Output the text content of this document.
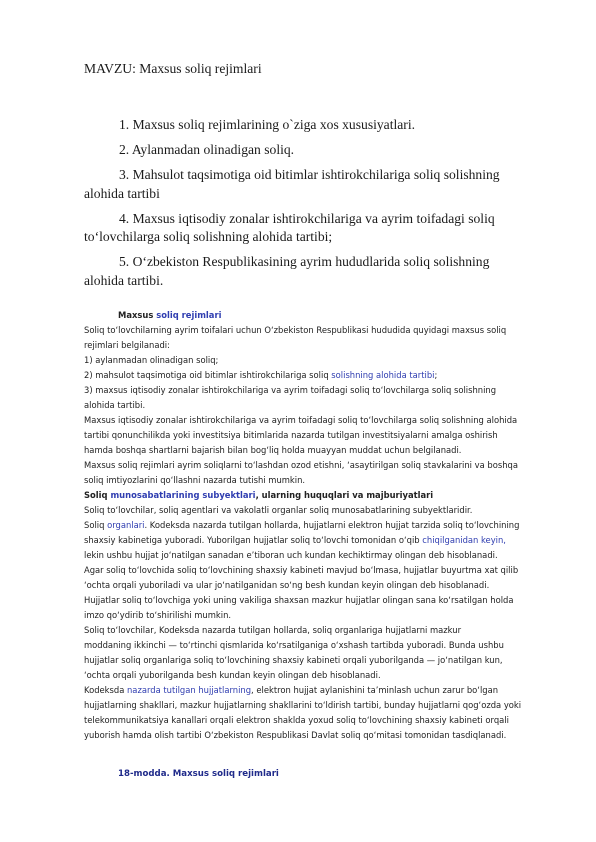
MAVZU: Maxsus soliq rejimlari

1. Maxsus soliq rejimlarining o`ziga xos xususiyatlari.

2. Aylanmadan olinadigan soliq.

3. Mahsulot taqsimotiga oid bitimlar ishtirokchilariga soliq solishning alohida tartibi

4. Maxsus iqtisodiy zonalar ishtirokchilariga va ayrim toifadagi soliq to‘lovchilarga soliq solishning alohida tartibi;

5. O‘zbekiston Respublikasining ayrim hududlarida soliq solishning alohida tartibi.

Maxsus soliq rejimlari
Soliq to‘lovchilarning ayrim toifalari uchun O‘zbekiston Respublikasi hududida quyidagi maxsus soliq
rejimlari belgilanadi:
1) aylanmadan olinadigan soliq;
2) mahsulot taqsimotiga oid bitimlar ishtirokchilariga soliq solishning alohida tartibi;
3) maxsus iqtisodiy zonalar ishtirokchilariga va ayrim toifadagi soliq to‘lovchilarga soliq solishning
alohida tartibi.
Maxsus iqtisodiy zonalar ishtirokchilariga va ayrim toifadagi soliq to‘lovchilarga soliq solishning alohida
tartibi qonunchilikda yoki investitsiya bitimlarida nazarda tutilgan investitsiyalarni amalga oshirish
hamda boshqa shartlarni bajarish bilan bog‘liq holda muayyan muddat uchun belgilanadi.
Maxsus soliq rejimlari ayrim soliqlarni to‘lashdan ozod etishni, ‘asaytirilgan soliq stavkalarini va boshqa
soliq imtiyozlarini qo‘llashni nazarda tutishi mumkin.
Soliq munosabatlarining subyektlari, ularning huquqlari va majburiyatlari
Soliq to‘lovchilar, soliq agentlari va vakolatli organlar soliq munosabatlarining subyektlaridir.
Soliq organlari. Kodeksda nazarda tutilgan hollarda, hujjatlarni elektron hujjat tarzida soliq to‘lovchining
shaxsiy kabinetiga yuboradi. Yuborilgan hujjatlar soliq to‘lovchi tomonidan o‘qib chiqilganidan keyin,
lekin ushbu hujjat jo‘natilgan sanadan e’tiboran uch kundan kechiktirmay olingan deb hisoblanadi.
Agar soliq to‘lovchida soliq to‘lovchining shaxsiy kabineti mavjud bo‘lmasa, hujjatlar buyurtma xat qilib
‘ochta orqali yuboriladi va ular jo‘natilganidan so‘ng besh kundan keyin olingan deb hisoblanadi.
Hujjatlar soliq to‘lovchiga yoki uning vakiliga shaxsan mazkur hujjatlar olingan sana ko‘rsatilgan holda
imzo qo‘ydirib to‘shirilishi mumkin.
Soliq to‘lovchilar, Kodeksda nazarda tutilgan hollarda, soliq organlariga hujjatlarni mazkur
moddaning ikkinchi — to‘rtinchi qismlarida ko‘rsatilganiga o‘xshash tartibda yuboradi. Bunda ushbu
hujjatlar soliq organlariga soliq to‘lovchining shaxsiy kabineti orqali yuborilganda — jo‘natilgan kun,
‘ochta orqali yuborilganda besh kundan keyin olingan deb hisoblanadi.
Kodeksda nazarda tutilgan hujjatlarning, elektron hujjat aylanishini ta’minlash uchun zarur bo‘lgan
hujjatlarning shakllari, mazkur hujjatlarning shakllarini to‘ldirish tartibi, bunday hujjatlarni qog‘ozda yoki
telekommunikatsiya kanallari orqali elektron shaklda yoxud soliq to‘lovchining shaxsiy kabineti orqali
yuborish hamda olish tartibi O‘zbekiston Respublikasi Davlat soliq qo‘mitasi tomonidan tasdiqlanadi.
18-modda. Maxsus soliq rejimlari
